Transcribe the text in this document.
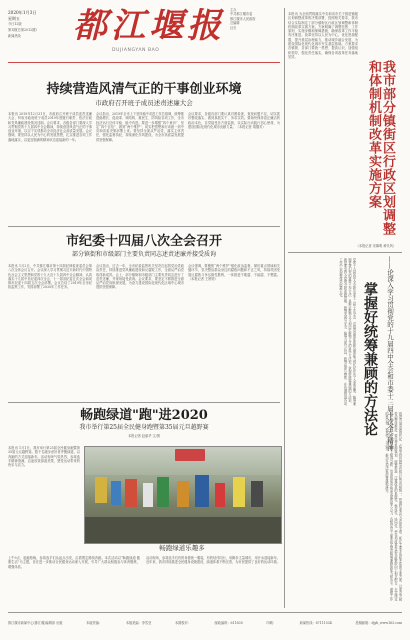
2020年1月3日
星期五
今日12版
第1期(总第2012期)
新闻热线 都江堰报
DUJIANGYAN BAO
主办
中共都江堰市委
都江堰市人民政府
总编辑
社长
持续营造风清气正的干事创业环境
市政府召开班子成员述责述廉大会
本报讯 2019年12月31日，市政府召开班子成员述责述廉大会，听取市政府班子成员2019年度履行职责、依法行政和党风廉政建设情况述职。会议要求，各级各部门要深入学习贯彻党的十九届四中全会精神，持续营造风清气正的干事创业环境，以实干实绩推动全市经济社会高质量发展。会议强调，要坚持以人民为中心的发展思想，扎实推进各项工作落地落实，以更加饱满的精神状态迎接新的一年。
会议指出，2019年全市上下坚持稳中求进工作总基调，统筹推进稳增长、促改革、调结构、惠民生、防风险各项工作，全市经济运行总体平稳、稳中有进。要进一步增强“四个意识”、坚定“四个自信”、做到“两个维护”，切实把思想和行动统一到中央和省委决策部署上来。要坚持全面从严治党，落实主体责任，强化监督执纪，持续深化作风建设，为全市高质量发展提供坚强保障。
会议要求，各级各部门要认真对照检查，查找问题不足，切实抓好整改落实，做到真抓实干、务求实效。要始终保持清正廉洁的政治本色，自觉接受各方面监督，以实际行动践行初心使命，为建设国际化现代化城市贡献力量。（本报记者 胡馨芳）
市纪委十四届八次全会召开
部分镇街和市级部门主要负责同志述责述廉并接受质询
本报讯 1月2日，中共都江堰市第十四届纪律检查委员会第八次全体会议召开。会议深入学习贯彻习近平新时代中国特色社会主义思想和党的十九大及十九届四中全会精神，认真落实十九届中央纪委四次全会、十一届省纪委五次全会和成都市纪委十四届五次全会部署。会议总结了2019年全市纪检监察工作，安排部署了2020年工作任务。
会议指出，过去一年，全市纪检监察机关坚决扛起管党治党政治责任，持续推进党风廉政建设和反腐败工作，全面从严治党取得新成效。会上，部分镇街和市级部门主要负责同志进行了述责述廉，并现场接受质询。会议要求，要坚定不移推进全面从严治党向纵深发展，为奋力建设国际化现代化区域中心城市提供坚强保障。
会议强调，要聚焦“两个维护”强化政治监督，紧盯重点领域和关键环节，坚决整治群众身边的腐败问题和不正之风，持续巩固发展反腐败斗争压倒性胜利，一体推进不敢腐、不能腐、不想腐。（本报记者 王婷婷）
畅跑绿道"跑"进2020
我市举行第25届全民健身跑暨第35届元旦越野赛
本报记者 赵丽华 文/图
本报讯 1月1日，我市举行第25届全民健身跑暨第35届元旦越野赛。数千名跑步爱好者齐聚绿道，以奔跑的方式迎接新年。活动现场气氛热烈，参赛选手精神饱满，沿途欣赏绿道美景，感受运动带来的快乐与活力。
畅跑绿道乐趣多
上午9点，起跑枪响，参赛选手们从起点出发，沿着既定路线奔跑。本次活动以“畅跑绿道 健康生活”为主题，旨在进一步推动全民健身运动深入开展，引导广大群众积极参与体育锻炼，增强体质。
活动现场，参赛选手们有的身着统一服装，有的结伴同行，用脚步丈量城市，用汗水迎接新年。近年来，我市持续推进全民健身设施建设，绿道体系不断完善，为市民提供了良好的运动环境。
我市部分镇街区行政区划调整和体制机制改革实施方案
本报讯 为全面贯彻落实中央和省市关于推进镇级区划调整改革的决策部署，按照相关要求，我市结合实际制定了部分镇街区行政区划调整和体制机制改革实施方案。方案明确了调整范围、工作原则、实施步骤和保障措施，确保改革工作平稳有序推进。改革坚持以人民为中心，优化资源配置，提升基层治理能力，推动城乡融合发展，为建设国际化现代化城市夯实基层基础。方案要求各镇街、各部门要统一思想、提高认识，加强组织领导，强化责任落实，确保各项改革任务落地见效。
（本报记者 宋冀明 黄代风）
——论深入学习贯彻党的十九届四中全会和市委十三届十次全会精神
掌握好统筹兼顾的方法论
党的十九届四中全会和市委十三届十次全会，对推进治理体系和治理能力现代化作出了全面部署。统筹兼顾是我们党的重要工作方法，是辩证唯物主义和历史唯物主义的科学方法论。掌握好统筹兼顾的方法论，就是要坚持全局观念和系统思维，统筹发展与安全，统筹当前与长远，统筹局部与整体，在协调推进各项工作中实现整体效能最大化。
推进市域治理现代化，必须坚持问题导向和目标导向相统一，把握好重点与全局的关系，抓住主要矛盾和矛盾的主要方面，以重点突破带动整体推进。要坚持系统谋划、统筹推进，注重改革的系统性、整体性、协同性，使各项改革举措在政策取向上相互配合、在实施过程中相互促进、在实际成效上相得益彰，形成推动高质量发展的强大合力。各级党员干部要切实提高统筹兼顾的能力和水平，增强工作的科学性、预见性、主动性，推动各项决策部署落地落实。
都江堰市新闻中心(都江堰)编辑部 出版	本版责编：	本版美编：李雪莹	本期校对：	邮政编码：611830	印刷：	新闻热线：87111534	投稿邮箱：djyb_www163.com
